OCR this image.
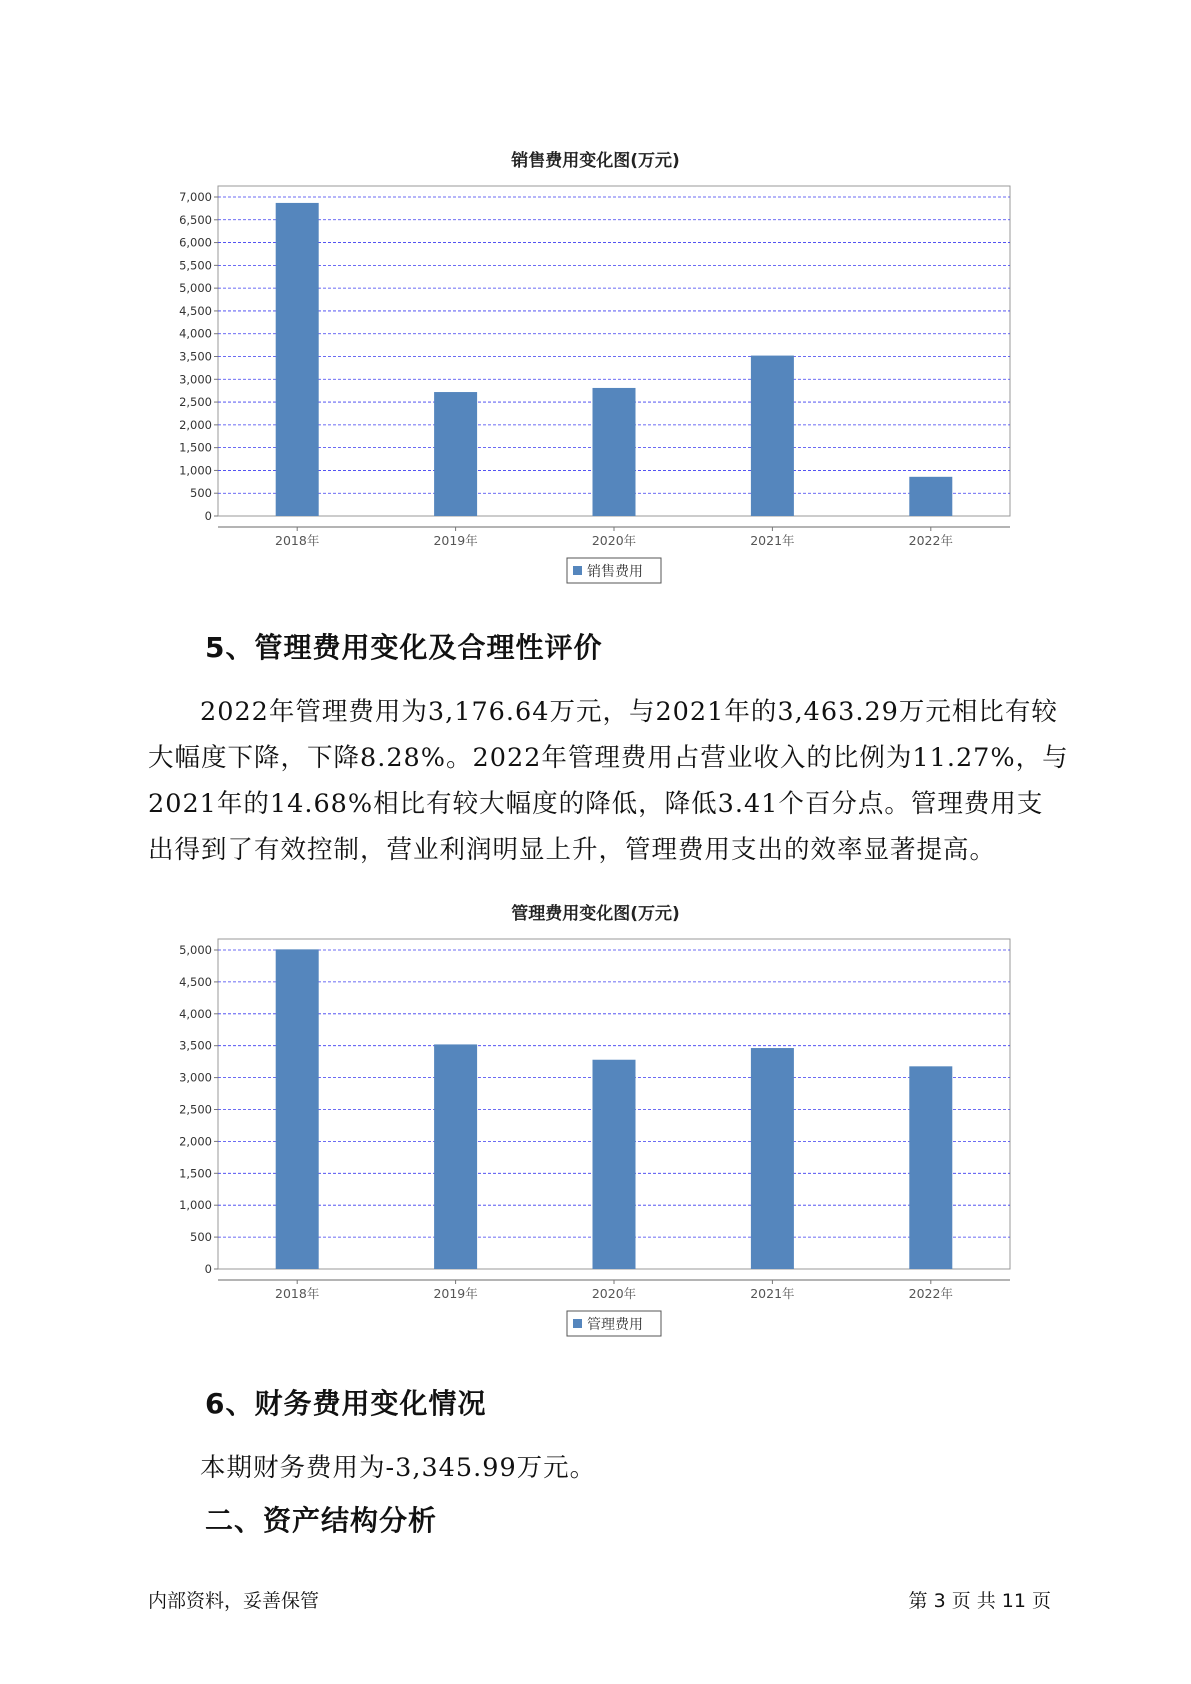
销售费用变化图(万元)
0
500
1,000
1,500
2,000
2,500
3,000
3,500
4,000
4,500
5,000
5,500
6,000
6,500
7,000
2018年	2019年	2020年	2021年	2022年
销售费用
5、管理费用变化及合理性评价
2022年管理费用为3,176.64万元，与2021年的3,463.29万元相比有较
大幅度下降，下降8.28%。2022年管理费用占营业收入的比例为11.27%，与
2021年的14.68%相比有较大幅度的降低，降低3.41个百分点。管理费用支
出得到了有效控制，营业利润明显上升，管理费用支出的效率显著提高。
管理费用变化图(万元)
0
500
1,000
1,500
2,000
2,500
3,000
3,500
4,000
4,500
5,000
2018年	2019年	2020年	2021年	2022年
管理费用
6、财务费用变化情况
本期财务费用为-3,345.99万元。
二、资产结构分析
内部资料，妥善保管	第 3 页 共 11 页
